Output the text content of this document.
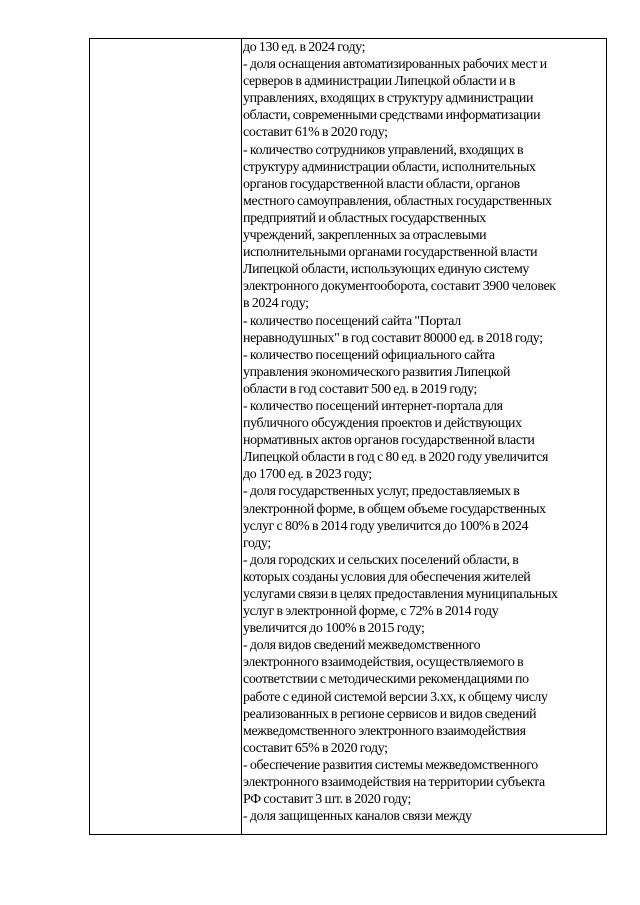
до 130 ед. в 2024 году;
- доля оснащения автоматизированных рабочих мест и
серверов в администрации Липецкой области и в
управлениях, входящих в структуру администрации
области, современными средствами информатизации
составит 61% в 2020 году;
- количество сотрудников управлений, входящих в
структуру администрации области, исполнительных
органов государственной власти области, органов
местного самоуправления, областных государственных
предприятий и областных государственных
учреждений, закрепленных за отраслевыми
исполнительными органами государственной власти
Липецкой области, использующих единую систему
электронного документооборота, составит 3900 человек
в 2024 году;
- количество посещений сайта "Портал
неравнодушных" в год составит 80000 ед. в 2018 году;
- количество посещений официального сайта
управления экономического развития Липецкой
области в год составит 500 ед. в 2019 году;
- количество посещений интернет-портала для
публичного обсуждения проектов и действующих
нормативных актов органов государственной власти
Липецкой области в год с 80 ед. в 2020 году увеличится
до 1700 ед. в 2023 году;
- доля государственных услуг, предоставляемых в
электронной форме, в общем объеме государственных
услуг с 80% в 2014 году увеличится до 100% в 2024
году;
- доля городских и сельских поселений области, в
которых созданы условия для обеспечения жителей
услугами связи в целях предоставления муниципальных
услуг в электронной форме, с 72% в 2014 году
увеличится до 100% в 2015 году;
- доля видов сведений межведомственного
электронного взаимодействия, осуществляемого в
соответствии с методическими рекомендациями по
работе с единой системой версии 3.хх, к общему числу
реализованных в регионе сервисов и видов сведений
межведомственного электронного взаимодействия
составит 65% в 2020 году;
- обеспечение развития системы межведомственного
электронного взаимодействия на территории субъекта
РФ составит 3 шт. в 2020 году;
- доля защищенных каналов связи между
